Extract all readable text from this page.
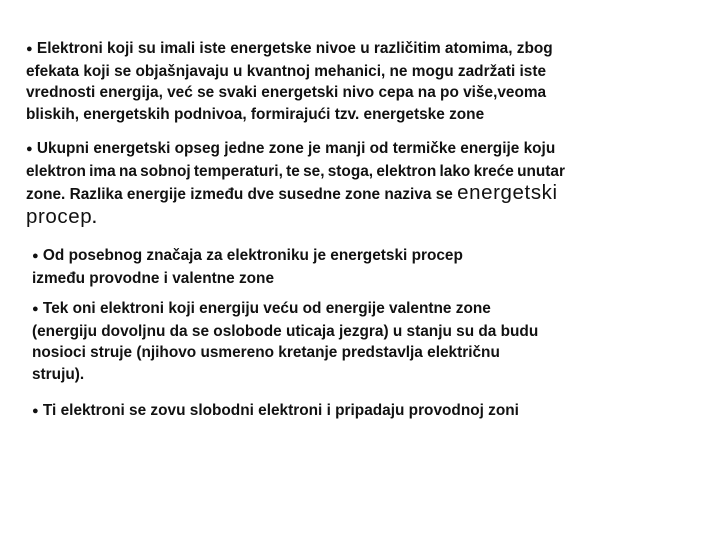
● Elektroni koji su imali iste energetske nivoe u različitim atomima, zbog
efekata koji se objašnjavaju u kvantnoj mehanici, ne mogu zadržati iste
vrednosti energija, već se svaki energetski nivo cepa na po više,veoma
bliskih, energetskih podnivoa, formirajući tzv. energetske zone
● Ukupni energetski opseg jedne zone je manji od termičke energije koju
elektron ima na sobnoj temperaturi, te se, stoga, elektron lako kreće unutar
zone. Razlika energije između dve susedne zone naziva se energetski
procep.
● Od posebnog značaja za elektroniku je energetski procep
između provodne i valentne zone
● Tek oni elektroni koji energiju veću od energije valentne zone
(energiju dovoljnu da se oslobode uticaja jezgra) u stanju su da budu
nosioci struje (njihovo usmereno kretanje predstavlja električnu
struju).
● Ti elektroni se zovu slobodni elektroni i pripadaju provodnoj zoni
